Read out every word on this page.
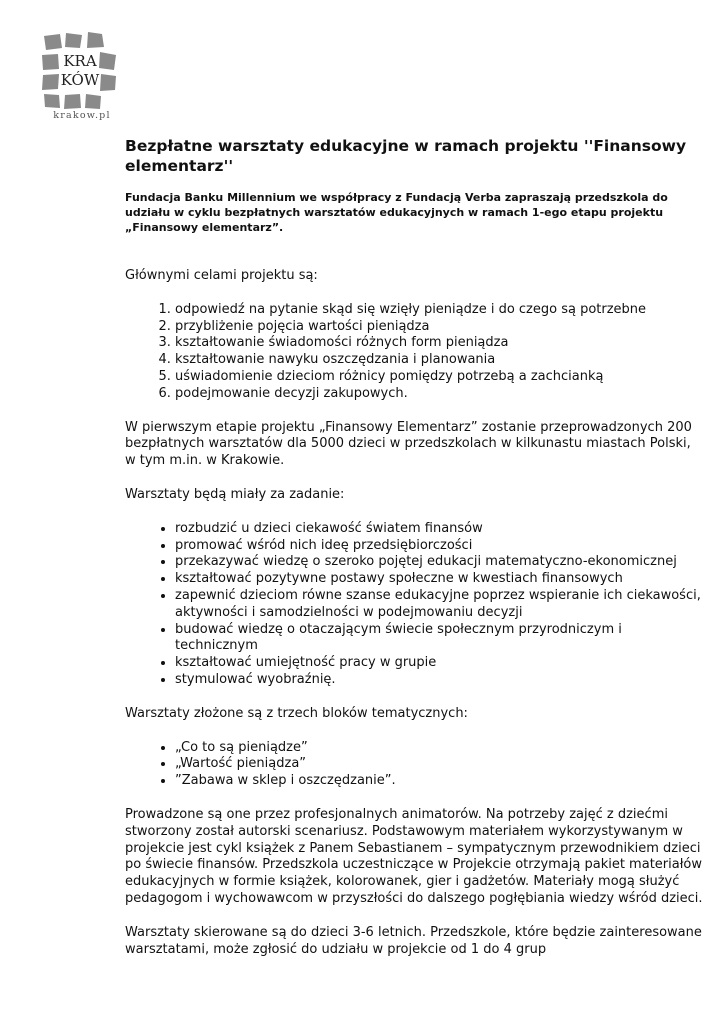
KRA
KÓW
krakow.pl
Bezpłatne warsztaty edukacyjne w ramach projektu ''Finansowy elementarz''

Fundacja Banku Millennium we współpracy z Fundacją Verba zapraszają przedszkola do udziału w cyklu bezpłatnych warsztatów edukacyjnych w ramach 1-ego etapu projektu „Finansowy elementarz”.

Głównymi celami projektu są:

1. odpowiedź na pytanie skąd się wzięły pieniądze i do czego są potrzebne
2. przybliżenie pojęcia wartości pieniądza
3. kształtowanie świadomości różnych form pieniądza
4. kształtowanie nawyku oszczędzania i planowania
5. uświadomienie dzieciom różnicy pomiędzy potrzebą a zachcianką
6. podejmowanie decyzji zakupowych.

W pierwszym etapie projektu „Finansowy Elementarz” zostanie przeprowadzonych 200 bezpłatnych warsztatów dla 5000 dzieci w przedszkolach w kilkunastu miastach Polski, w tym m.in. w Krakowie.

Warsztaty będą miały za zadanie:

• rozbudzić u dzieci ciekawość światem finansów
• promować wśród nich ideę przedsiębiorczości
• przekazywać wiedzę o szeroko pojętej edukacji matematyczno-ekonomicznej
• kształtować pozytywne postawy społeczne w kwestiach finansowych
• zapewnić dzieciom równe szanse edukacyjne poprzez wspieranie ich ciekawości, aktywności i samodzielności w podejmowaniu decyzji
• budować wiedzę o otaczającym świecie społecznym przyrodniczym i technicznym
• kształtować umiejętność pracy w grupie
• stymulować wyobraźnię.

Warsztaty złożone są z trzech bloków tematycznych:

• „Co to są pieniądze”
• „Wartość pieniądza”
• ”Zabawa w sklep i oszczędzanie”.

Prowadzone są one przez profesjonalnych animatorów. Na potrzeby zajęć z dziećmi stworzony został autorski scenariusz. Podstawowym materiałem wykorzystywanym w projekcie jest cykl książek z Panem Sebastianem – sympatycznym przewodnikiem dzieci po świecie finansów. Przedszkola uczestniczące w Projekcie otrzymają pakiet materiałów edukacyjnych w formie książek, kolorowanek, gier i gadżetów. Materiały mogą służyć pedagogom i wychowawcom w przyszłości do dalszego pogłębiania wiedzy wśród dzieci.

Warsztaty skierowane są do dzieci 3-6 letnich. Przedszkole, które będzie zainteresowane warsztatami, może zgłosić do udziału w projekcie od 1 do 4 grup
